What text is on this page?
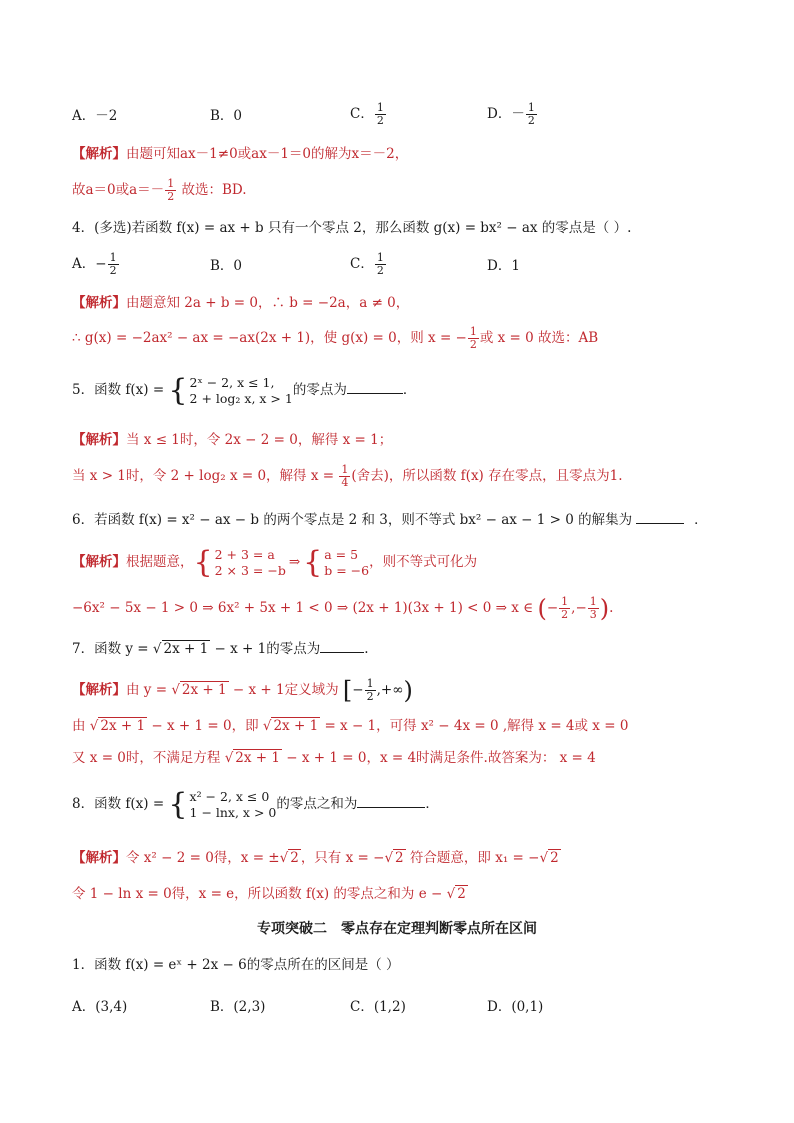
A．－2	B．0	C． $\frac{1}{2}$	D．－ $\frac{1}{2}$
【解析】由题可知ax－1≠0或ax－1＝0的解为x＝－2，
故a＝0或$a=- \frac{1}{2}$ 故选：BD.
4．(多选)若函数 f(x) = ax + b 只有一个零点 2，那么函数 g(x) = bx² − ax 的零点是（ ）.
A．− $\frac{1}{2}$	B．0	C． $\frac{1}{2}$	D．1
【解析】由题意知 2a + b = 0，∴ b = −2a，a ≠ 0，
∴ g(x) = −2ax² − ax = −ax(2x + 1)，使 g(x) = 0，则 x = − $\frac{1}{2}$ 或 x = 0 故选：AB
5．函数 f(x) = { 2ˣ − 2, x ≤ 1,
2 + log₂ x, x > 1 的零点为	．
【解析】当 x ≤ 1时，令 2x − 2 = 0，解得 x = 1；
当 x > 1时，令 2 + log₂ x = 0，解得 $x = \frac{1}{4}$ (舍去)，所以函数 f(x) 存在零点，且零点为1.
6．若函数 f(x) = x² − ax − b 的两个零点是 2 和 3，则不等式 bx² − ax − 1 > 0 的解集为	．
【解析】根据题意， { 2 + 3 = a
2 × 3 = −b ⇒ { a = 5
b = −6 ，则不等式可化为
−6x² − 5x − 1 > 0 ⇒ 6x² + 5x + 1 < 0 ⇒ (2x + 1)(3x + 1) < 0 ⇒ x ∈ (− $\frac{1}{2}$ ,− $\frac{1}{3}$ ).
7．函数 y = √ 2x + 1 − x + 1的零点为	.
【解析】由 y = √ 2x + 1 − x + 1定义域为 [− $\frac{1}{2}$ ,+∞)
由 √ 2x + 1 − x + 1 = 0，即 √ 2x + 1 = x − 1，可得 x² − 4x = 0 ,解得 x = 4或 x = 0
又 x = 0时，不满足方程 √ 2x + 1 − x + 1 = 0，x = 4时满足条件.故答案为： x = 4
8．函数 f(x) = { x² − 2, x ≤ 0
1 − lnx, x > 0 的零点之和为	．
【解析】令 x² − 2 = 0得，x = ±√ 2 ，只有 x = −√ 2 符合题意，即 x₁ = −√ 2
令 1 − ln x = 0得，x = e，所以函数 f(x) 的零点之和为 e − √ 2
专项突破二　零点存在定理判断零点所在区间
1．函数 f(x) = eˣ + 2x − 6的零点所在的区间是（ ）
A．(3,4)	B．(2,3)	C．(1,2)	D．(0,1)
